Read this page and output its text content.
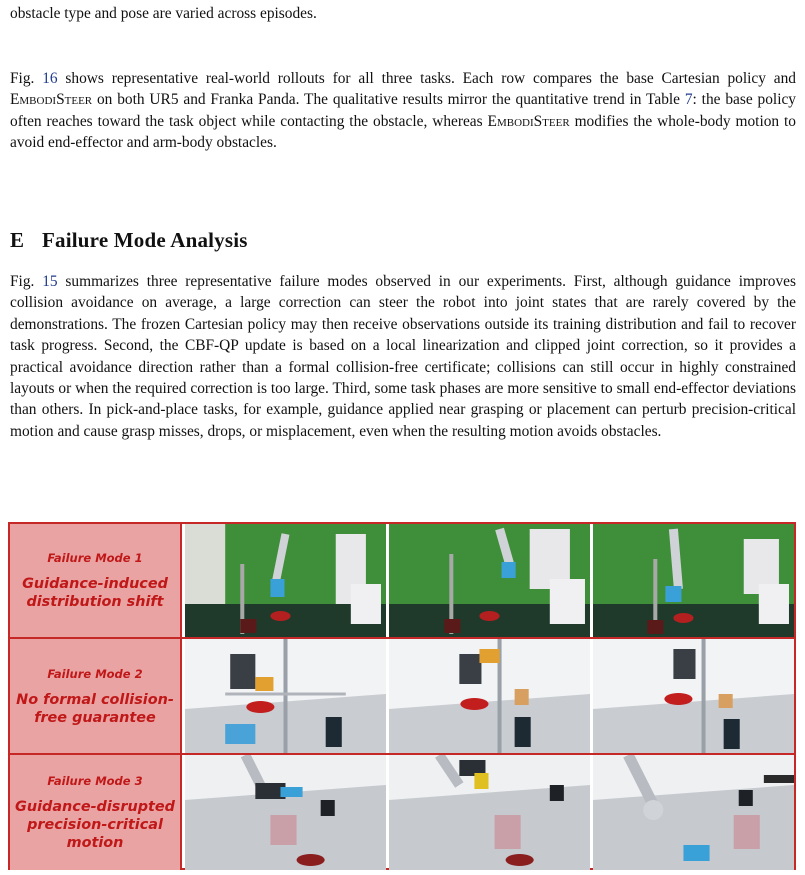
obstacle type and pose are varied across episodes.

Fig. 16 shows representative real-world rollouts for all three tasks. Each row compares the base Cartesian policy and EmbodiSteer on both UR5 and Franka Panda. The qualitative results mirror the quantitative trend in Table 7: the base policy often reaches toward the task object while contacting the obstacle, whereas EmbodiSteer modifies the whole-body motion to avoid end-effector and arm-body obstacles.

E Failure Mode Analysis

Fig. 15 summarizes three representative failure modes observed in our experiments. First, although guidance improves collision avoidance on average, a large correction can steer the robot into joint states that are rarely covered by the demonstrations. The frozen Cartesian policy may then receive observations outside its training distribution and fail to recover task progress. Second, the CBF-QP update is based on a local linearization and clipped joint correction, so it provides a practical avoidance direction rather than a formal collision-free certificate; collisions can still occur in highly constrained layouts or when the required correction is too large. Third, some task phases are more sensitive to small end-effector deviations than others. In pick-and-place tasks, for example, guidance applied near grasping or placement can perturb precision-critical motion and cause grasp misses, drops, or misplacement, even when the resulting motion avoids obstacles.

Failure Mode 1
Guidance-induced distribution shift
Failure Mode 2
No formal collision-free guarantee
Failure Mode 3
Guidance-disrupted precision-critical motion
